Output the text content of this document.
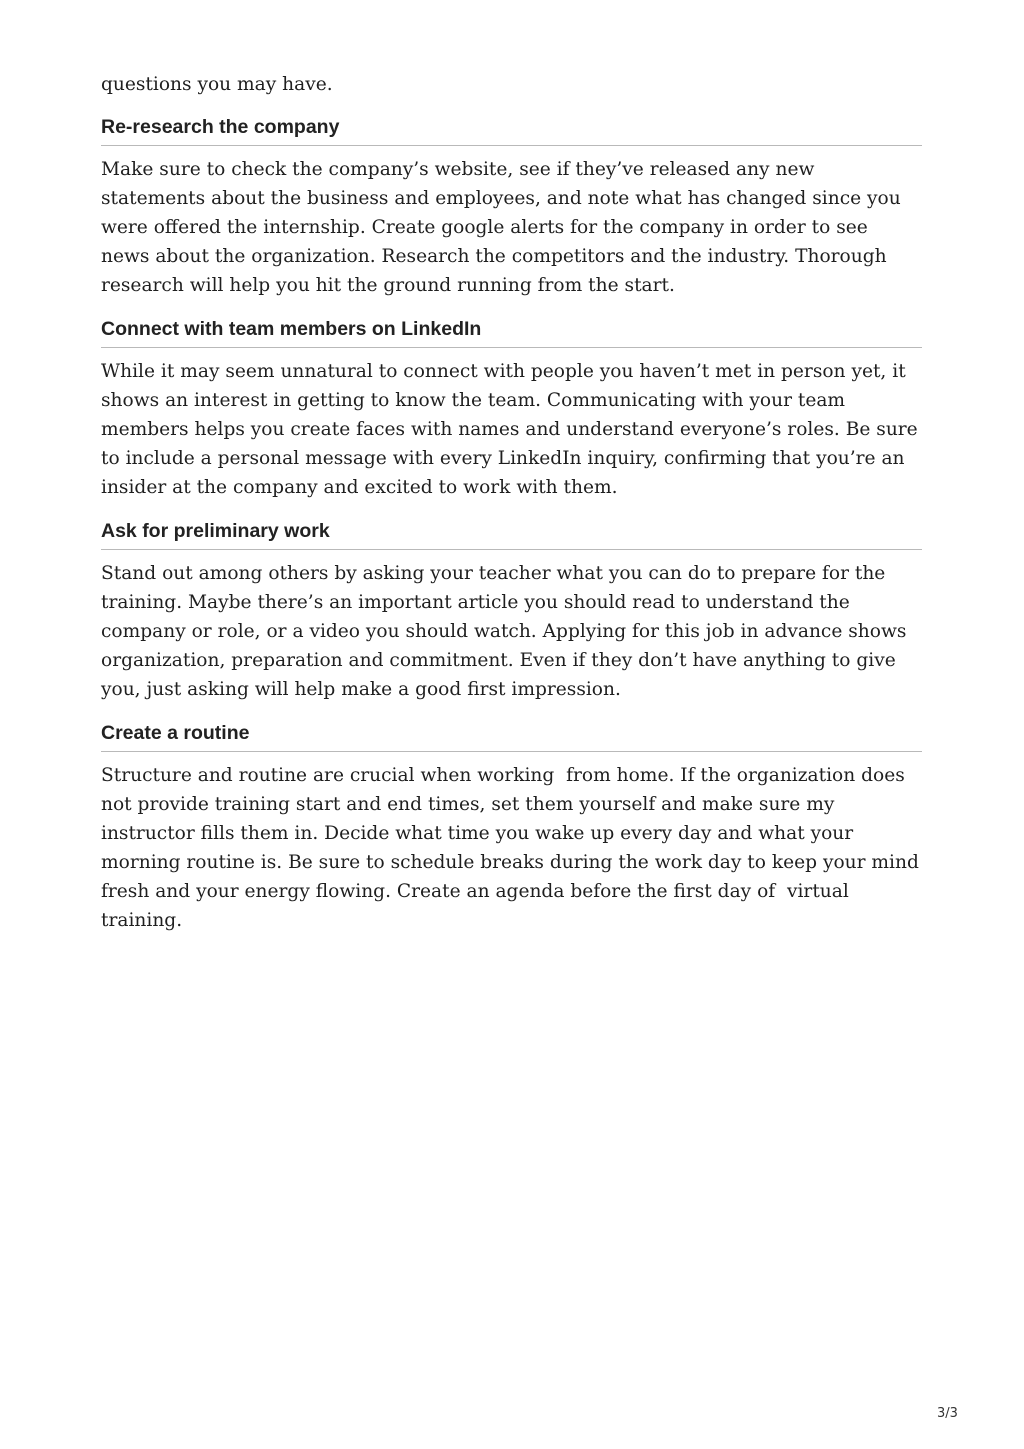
questions you may have.

Re-research the company

Make sure to check the company’s website, see if they’ve released any new statements about the business and employees, and note what has changed since you were offered the internship. Create google alerts for the company in order to see news about the organization. Research the competitors and the industry. Thorough research will help you hit the ground running from the start.

Connect with team members on LinkedIn

While it may seem unnatural to connect with people you haven’t met in person yet, it shows an interest in getting to know the team. Communicating with your team members helps you create faces with names and understand everyone’s roles. Be sure to include a personal message with every LinkedIn inquiry, confirming that you’re an insider at the company and excited to work with them.

Ask for preliminary work

Stand out among others by asking your teacher what you can do to prepare for the training. Maybe there’s an important article you should read to understand the company or role, or a video you should watch. Applying for this job in advance shows organization, preparation and commitment. Even if they don’t have anything to give you, just asking will help make a good first impression.

Create a routine

Structure and routine are crucial when working  from home. If the organization does not provide training start and end times, set them yourself and make sure my instructor fills them in. Decide what time you wake up every day and what your morning routine is. Be sure to schedule breaks during the work day to keep your mind fresh and your energy flowing. Create an agenda before the first day of  virtual training.

3/3
